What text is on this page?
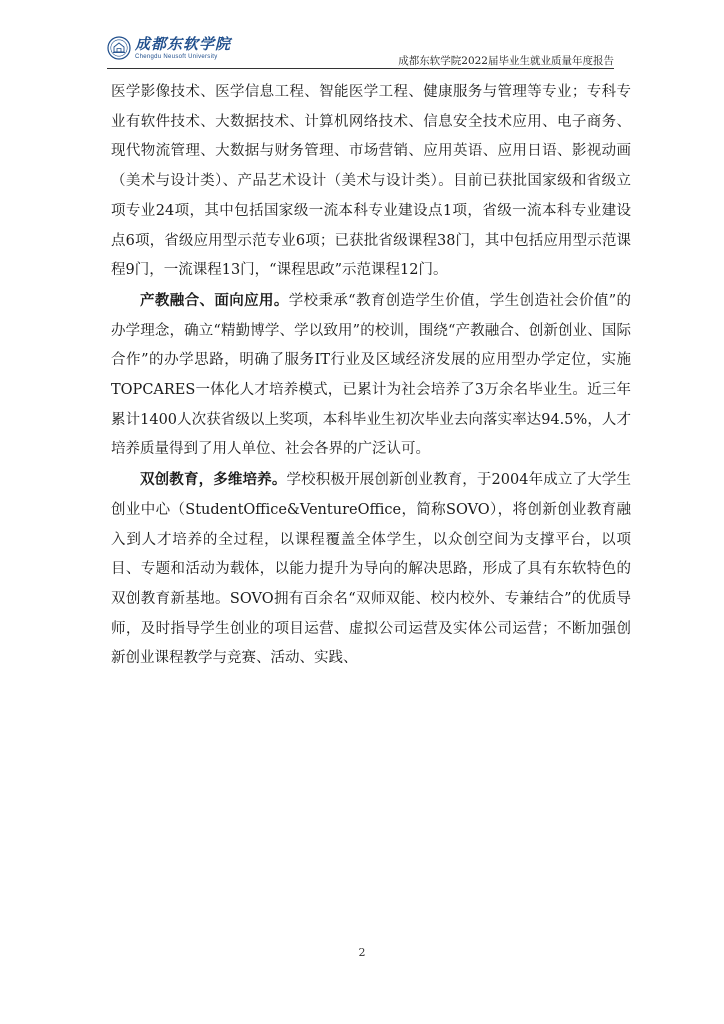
成都东软学院
Chengdu Neusoft University	成都东软学院2022届毕业生就业质量年度报告

医学影像技术、医学信息工程、智能医学工程、健康服务与管理等专业；专科专业有软件技术、大数据技术、计算机网络技术、信息安全技术应用、电子商务、现代物流管理、大数据与财务管理、市场营销、应用英语、应用日语、影视动画（美术与设计类）、产品艺术设计（美术与设计类）。目前已获批国家级和省级立项专业24项，其中包括国家级一流本科专业建设点1项，省级一流本科专业建设点6项，省级应用型示范专业6项；已获批省级课程38门，其中包括应用型示范课程9门，一流课程13门，“课程思政”示范课程12门。

产教融合、面向应用。学校秉承“教育创造学生价值，学生创造社会价值”的办学理念，确立“精勤博学、学以致用”的校训，围绕“产教融合、创新创业、国际合作”的办学思路，明确了服务IT行业及区域经济发展的应用型办学定位，实施TOPCARES一体化人才培养模式，已累计为社会培养了3万余名毕业生。近三年累计1400人次获省级以上奖项，本科毕业生初次毕业去向落实率达94.5%，人才培养质量得到了用人单位、社会各界的广泛认可。

双创教育，多维培养。学校积极开展创新创业教育，于2004年成立了大学生创业中心（StudentOffice&VentureOffice，简称SOVO），将创新创业教育融入到人才培养的全过程，以课程覆盖全体学生，以众创空间为支撑平台，以项目、专题和活动为载体，以能力提升为导向的解决思路，形成了具有东软特色的双创教育新基地。SOVO拥有百余名“双师双能、校内校外、专兼结合”的优质导师，及时指导学生创业的项目运营、虚拟公司运营及实体公司运营；不断加强创新创业课程教学与竞赛、活动、实践、

2
